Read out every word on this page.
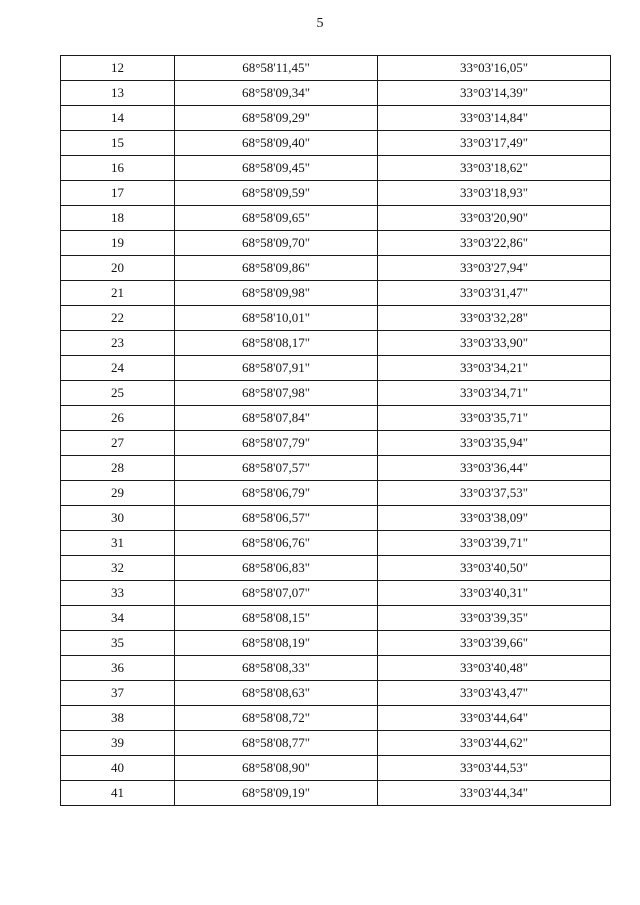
5
12	68°58'11,45"	33°03'16,05"
13	68°58'09,34"	33°03'14,39"
14	68°58'09,29"	33°03'14,84"
15	68°58'09,40"	33°03'17,49"
16	68°58'09,45"	33°03'18,62"
17	68°58'09,59"	33°03'18,93"
18	68°58'09,65"	33°03'20,90"
19	68°58'09,70"	33°03'22,86"
20	68°58'09,86"	33°03'27,94"
21	68°58'09,98"	33°03'31,47"
22	68°58'10,01"	33°03'32,28"
23	68°58'08,17"	33°03'33,90"
24	68°58'07,91"	33°03'34,21"
25	68°58'07,98"	33°03'34,71"
26	68°58'07,84"	33°03'35,71"
27	68°58'07,79"	33°03'35,94"
28	68°58'07,57"	33°03'36,44"
29	68°58'06,79"	33°03'37,53"
30	68°58'06,57"	33°03'38,09"
31	68°58'06,76"	33°03'39,71"
32	68°58'06,83"	33°03'40,50"
33	68°58'07,07"	33°03'40,31"
34	68°58'08,15"	33°03'39,35"
35	68°58'08,19"	33°03'39,66"
36	68°58'08,33"	33°03'40,48"
37	68°58'08,63"	33°03'43,47"
38	68°58'08,72"	33°03'44,64"
39	68°58'08,77"	33°03'44,62"
40	68°58'08,90"	33°03'44,53"
41	68°58'09,19"	33°03'44,34"
